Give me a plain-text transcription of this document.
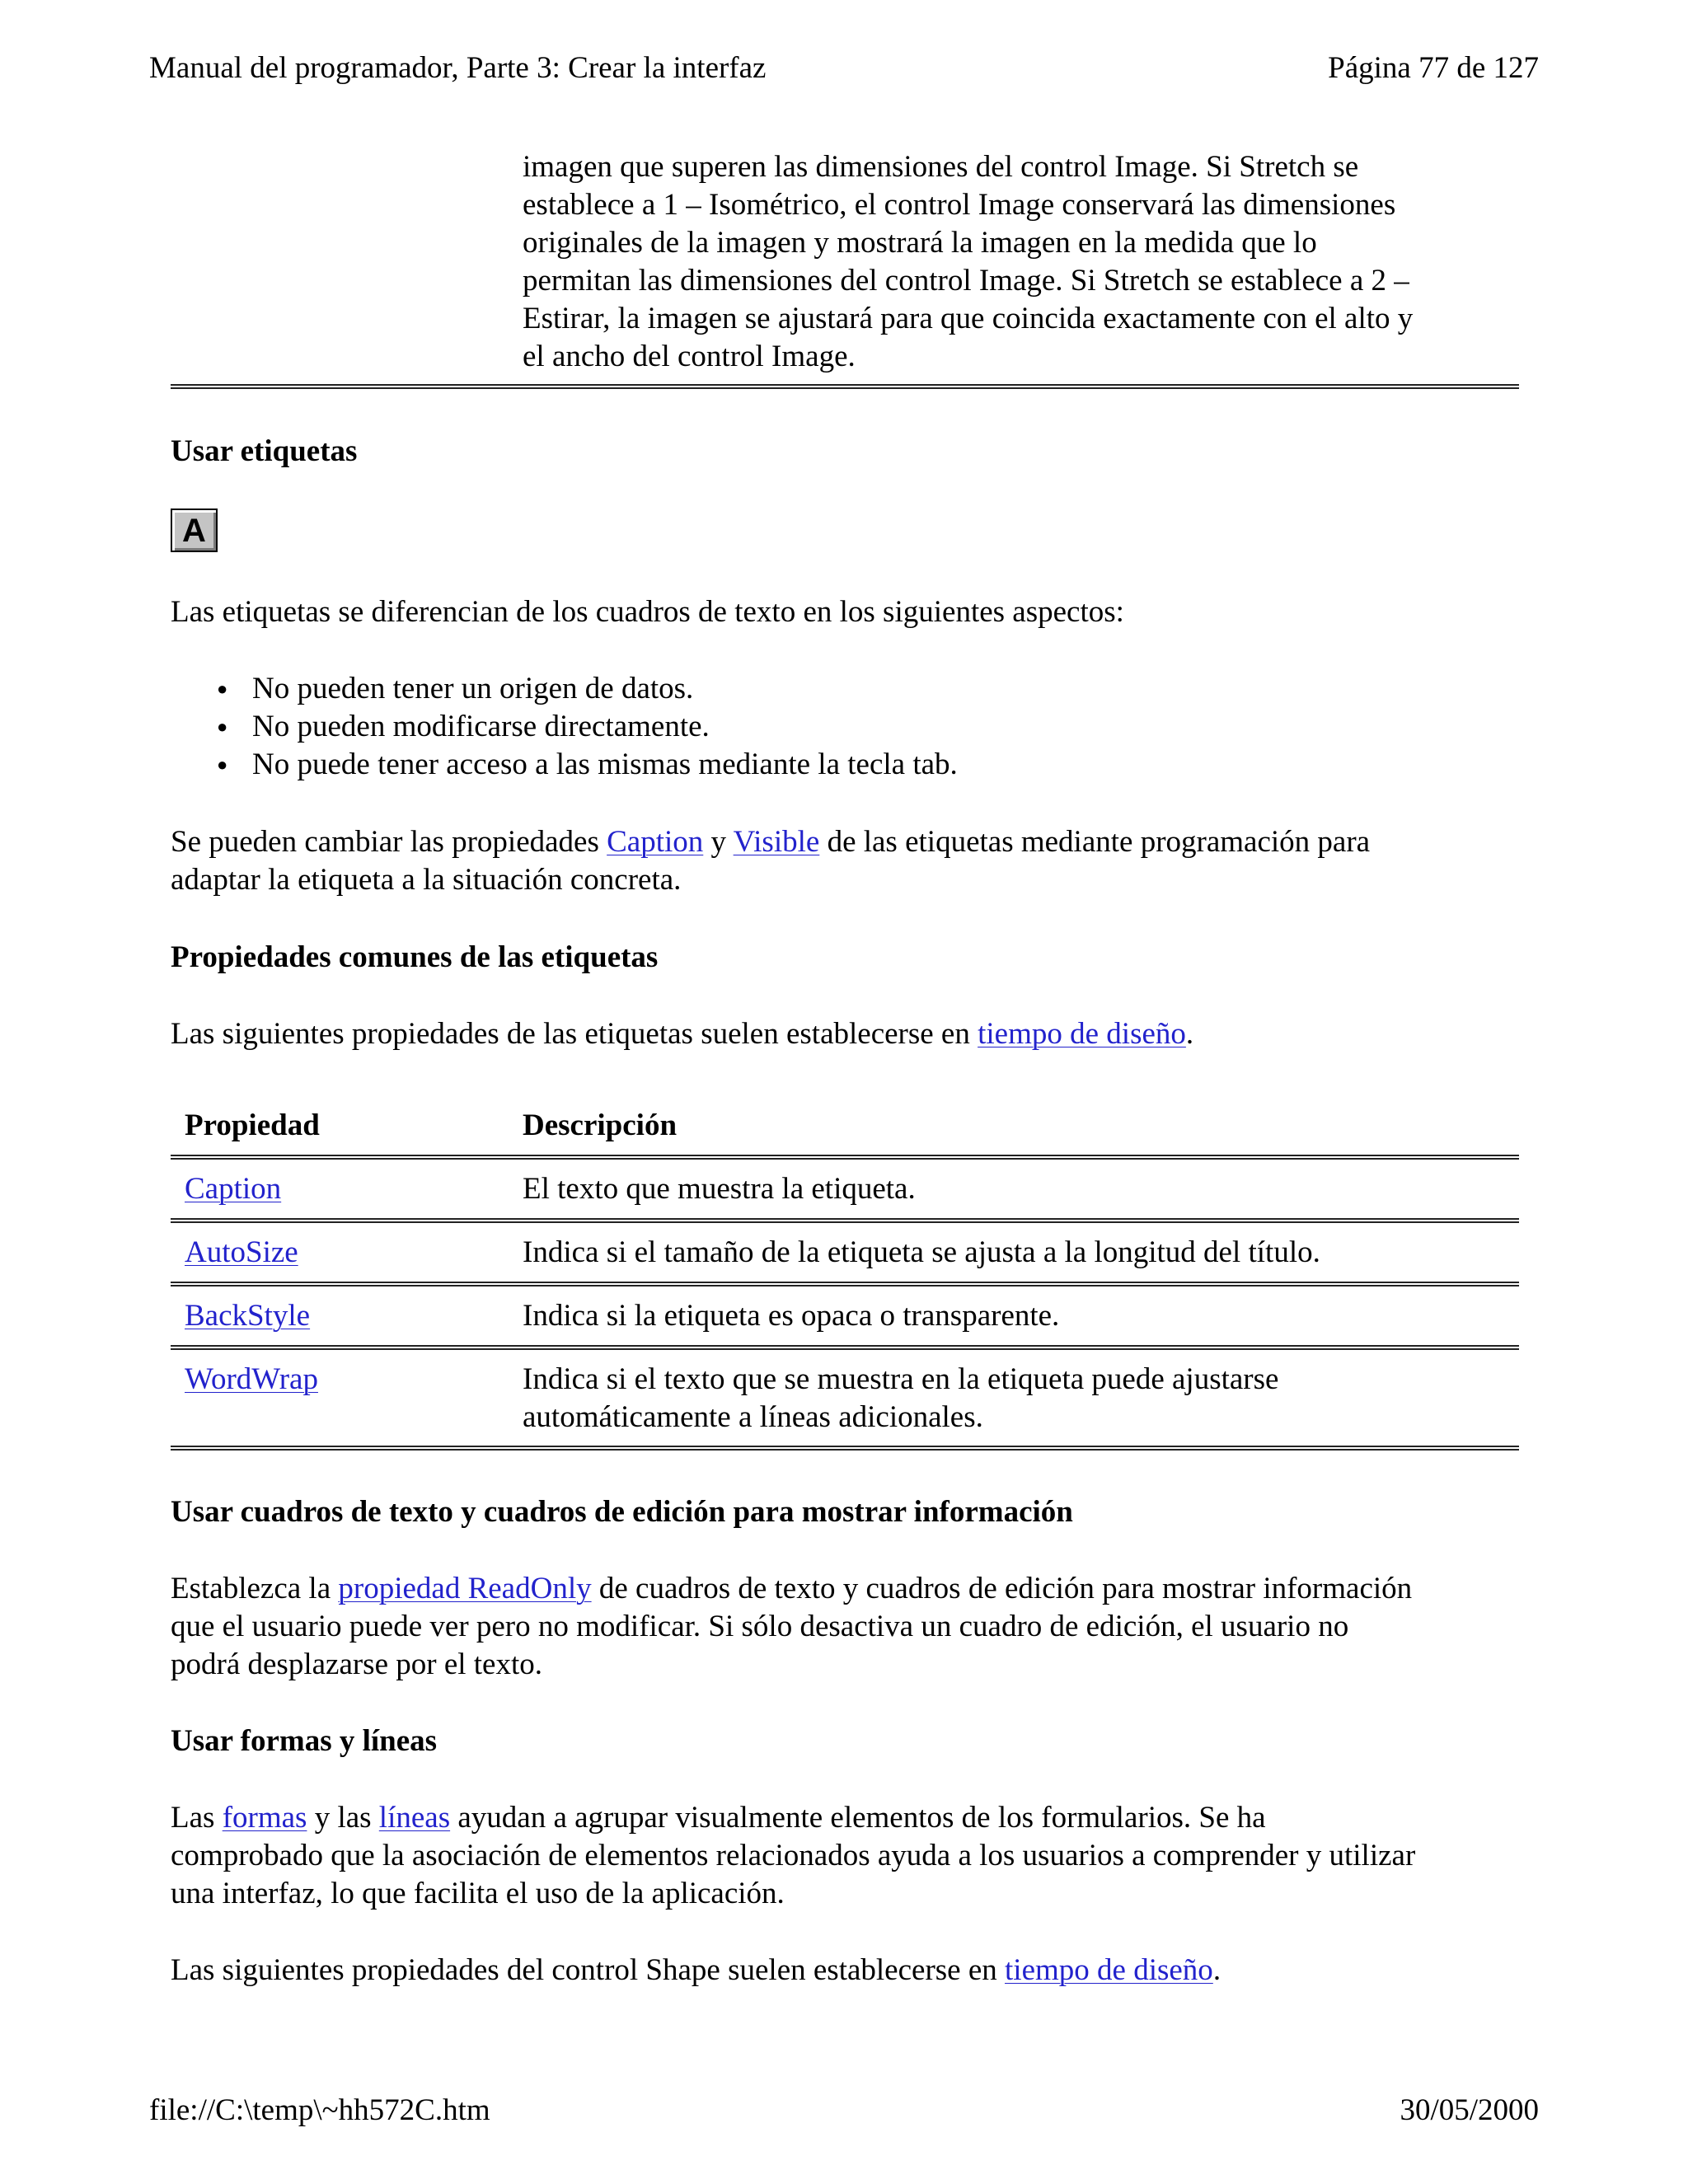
Manual del programador, Parte 3: Crear la interfaz	Página 77 de 127
imagen que superen las dimensiones del control Image. Si Stretch se
establece a 1 – Isométrico, el control Image conservará las dimensiones
originales de la imagen y mostrará la imagen en la medida que lo
permitan las dimensiones del control Image. Si Stretch se establece a 2 –
Estirar, la imagen se ajustará para que coincida exactamente con el alto y
el ancho del control Image.
Usar etiquetas
A

Las etiquetas se diferencian de los cuadros de texto en los siguientes aspectos:

● No pueden tener un origen de datos.
● No pueden modificarse directamente.
● No puede tener acceso a las mismas mediante la tecla tab.
Se pueden cambiar las propiedades Caption y Visible de las etiquetas mediante programación para
adaptar la etiqueta a la situación concreta.
Propiedades comunes de las etiquetas

Las siguientes propiedades de las etiquetas suelen establecerse en tiempo de diseño.

Propiedad	Descripción
Caption	El texto que muestra la etiqueta.
AutoSize	Indica si el tamaño de la etiqueta se ajusta a la longitud del título.
BackStyle	Indica si la etiqueta es opaca o transparente.
WordWrap	Indica si el texto que se muestra en la etiqueta puede ajustarse
automáticamente a líneas adicionales.
Usar cuadros de texto y cuadros de edición para mostrar información
Establezca la propiedad ReadOnly de cuadros de texto y cuadros de edición para mostrar información
que el usuario puede ver pero no modificar. Si sólo desactiva un cuadro de edición, el usuario no
podrá desplazarse por el texto.
Usar formas y líneas
Las formas y las líneas ayudan a agrupar visualmente elementos de los formularios. Se ha
comprobado que la asociación de elementos relacionados ayuda a los usuarios a comprender y utilizar
una interfaz, lo que facilita el uso de la aplicación.

Las siguientes propiedades del control Shape suelen establecerse en tiempo de diseño.

file://C:\temp\~hh572C.htm	30/05/2000
